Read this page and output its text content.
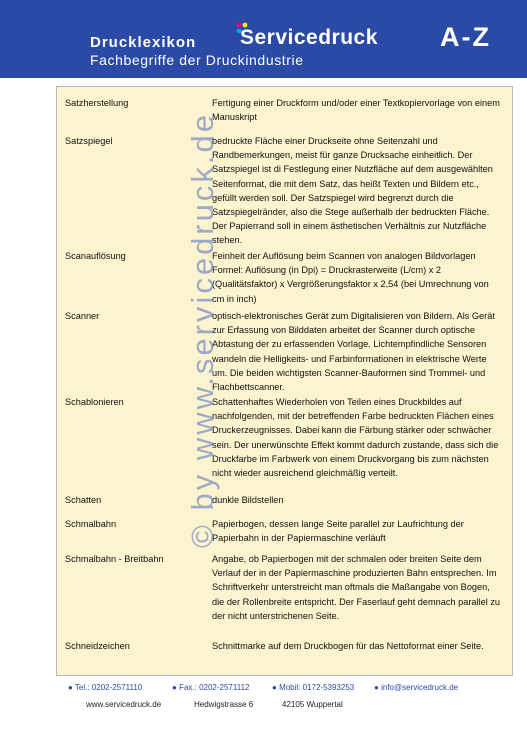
Drucklexikon
Fachbegriffe der Druckindustrie
Servicedruck A-Z
Satzherstellung	Fertigung einer Druckform und/oder einer Textkopiervorlage von einem Manuskript
Satzspiegel	bedruckte Fläche einer Druckseite ohne Seitenzahl und Randbemerkungen, meist für ganze Drucksache einheitlich. Der Satzspiegel ist di Festlegung einer Nutzfläche auf dem ausgewählten Seitenformat, die mit dem Satz, das heißt Texten und Bildern etc., gefüllt werden soll. Der Satzspiegel wird begrenzt durch die Satzspiegelränder, also die Stege außerhalb der bedruckten Fläche. Der Papierrand soll in einem ästhetischen Verhältnis zur Nutzfläche stehen.
Scanauflösung	Feinheit der Auflösung beim Scannen von analogen Bildvorlagen Formel: Auflösung (in Dpi) = Druckrasterweite (L/cm) x 2 (Qualitätsfaktor) x Vergrößerungsfaktor x 2,54 (bei Umrechnung von cm in inch)
Scanner	optisch-elektronisches Gerät zum Digitalisieren von Bildern. Als Gerät zur Erfassung von Bilddaten arbeitet der Scanner durch optische Abtastung der zu erfassenden Vorlage. Lichtempfindliche Sensoren wandeln die Helligkeits- und Farbinformationen in elektrische Werte um. Die beiden wichtigsten Scanner-Bauformen sind Trommel- und Flachbettscanner.
Schablonieren	Schattenhaftes Wiederholen von Teilen eines Druckbildes auf nachfolgenden, mit der betreffenden Farbe bedruckten Flächen eines Druckerzeugnisses. Dabei kann die Färbung stärker oder schwächer sein. Der unerwünschte Effekt kommt dadurch zustande, dass sich die Druckfarbe im Farbwerk von einem Druckvorgang bis zum nächsten nicht wieder ausreichend gleichmäßig verteilt.
Schatten	dunkle Bildstellen
Schmalbahn	Papierbogen, dessen lange Seite parallel zur Laufrichtung der Papierbahn in der Papiermaschine verläuft
Schmalbahn - Breitbahn	Angabe, ob Papierbogen mit der schmalen oder breiten Seite dem Verlauf der in der Papiermaschine produzierten Bahn entsprechen. Im Schriftverkehr unterstreicht man oftmals die Maßangabe von Bogen, die der Rollenbreite entspricht. Der Faserlauf geht demnach parallel zu der nicht unterstrichenen Seite.
Schneidzeichen	Schnittmarke auf dem Druckbogen für das Nettoformat einer Seite.
© by www.servicedruck.de
● Tel.: 0202-2571110	● Fax.: 0202-2571112	● Mobil: 0172-5393253 ● info@servicedruck.de
www.servicedruck.de	Hedwigstrasse 6	42105 Wuppertal
